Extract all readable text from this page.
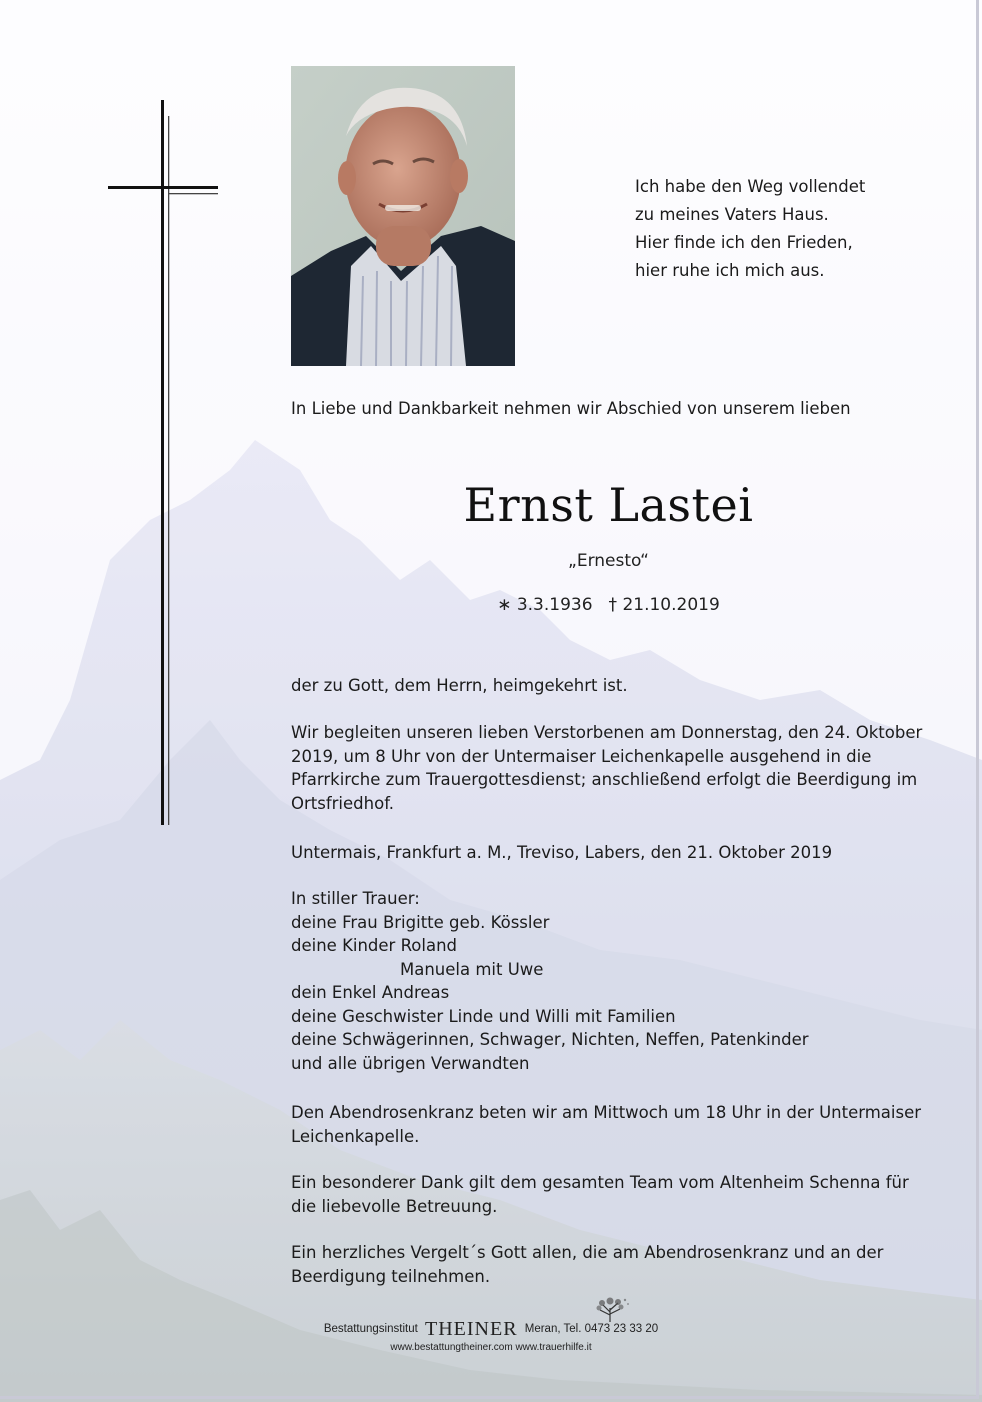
Ich habe den Weg vollendet
zu meines Vaters Haus.
Hier finde ich den Frieden,
hier ruhe ich mich aus.
In Liebe und Dankbarkeit nehmen wir Abschied von unserem lieben
Ernst Lastei
„Ernesto“
∗ 3.3.1936 † 21.10.2019
der zu Gott, dem Herrn, heimgekehrt ist.
Wir begleiten unseren lieben Verstorbenen am Donnerstag, den 24. Oktober
2019, um 8 Uhr von der Untermaiser Leichenkapelle ausgehend in die
Pfarrkirche zum Trauergottesdienst; anschließend erfolgt die Beerdigung im
Ortsfriedhof.
Untermais, Frankfurt a. M., Treviso, Labers, den 21. Oktober 2019
In stiller Trauer:
deine Frau Brigitte geb. Kössler
deine Kinder Roland
Manuela mit Uwe
dein Enkel Andreas
deine Geschwister Linde und Willi mit Familien
deine Schwägerinnen, Schwager, Nichten, Neffen, Patenkinder
und alle übrigen Verwandten
Den Abendrosenkranz beten wir am Mittwoch um 18 Uhr in der Untermaiser
Leichenkapelle.
Ein besonderer Dank gilt dem gesamten Team vom Altenheim Schenna für
die liebevolle Betreuung.
Ein herzliches Vergelt´s Gott allen, die am Abendrosenkranz und an der
Beerdigung teilnehmen.
Bestattungsinstitut THEINER Meran, Tel. 0473 23 33 20
www.bestattungtheiner.com www.trauerhilfe.it
